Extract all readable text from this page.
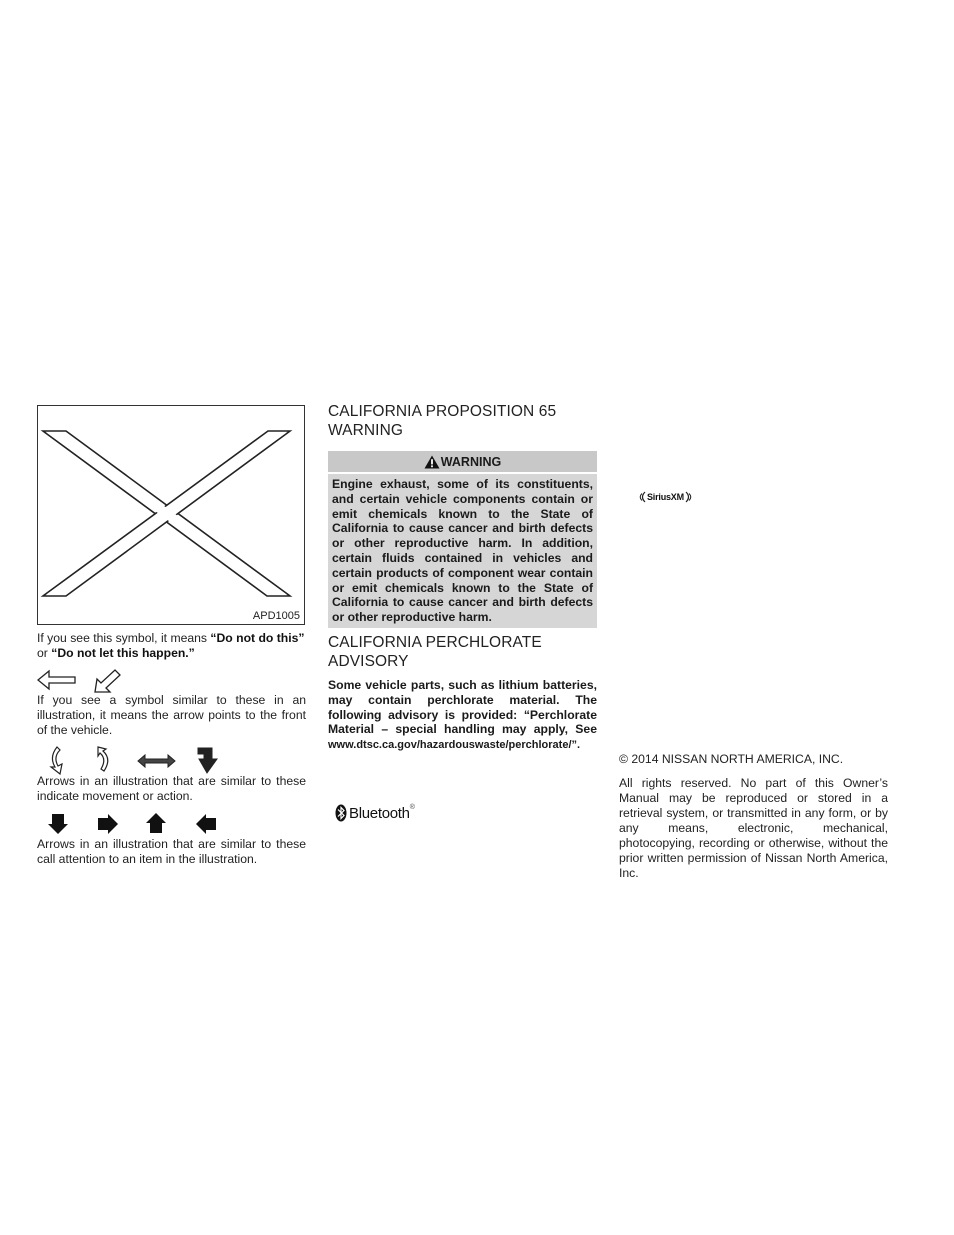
APD1005
If you see this symbol, it means “Do not do this” or “Do not let this happen.”
If you see a symbol similar to these in an illustration, it means the arrow points to the front of the vehicle.
Arrows in an illustration that are similar to these indicate movement or action.
Arrows in an illustration that are similar to these call attention to an item in the illustration.
CALIFORNIA PROPOSITION 65 WARNING
WARNING

Engine exhaust, some of its constituents, and certain vehicle components contain or emit chemicals known to the State of California to cause cancer and birth defects or other reproductive harm. In addition, certain fluids contained in vehicles and certain products of component wear contain or emit chemicals known to the State of California to cause cancer and birth defects or other reproductive harm.

CALIFORNIA PERCHLORATE ADVISORY
Some vehicle parts, such as lithium batteries, may contain perchlorate material. The following advisory is provided: “Perchlorate Material – special handling may apply, See www.dtsc.ca.gov/hazardouswaste/perchlorate/”.
Bluetooth ®
SiriusXM
© 2014 NISSAN NORTH AMERICA, INC.
All rights reserved. No part of this Owner’s Manual may be reproduced or stored in a retrieval system, or transmitted in any form, or by any means, electronic, mechanical, photocopying, recording or otherwise, without the prior written permission of Nissan North America, Inc.
